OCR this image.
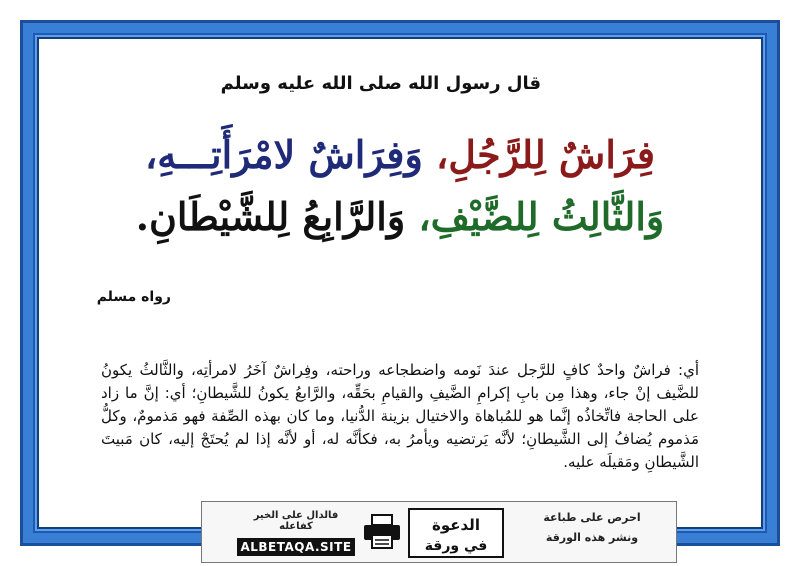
قال رسول الله صلى الله عليه وسلم
فِرَاشٌ لِلرَّجُلِ، وَفِرَاشٌ لامْرَأَتِـــهِ،
وَالثَّالِثُ لِلضَّيْفِ، وَالرَّابِعُ لِلشَّيْطَانِ.
رواه مسلم
أي: فراشٌ واحدٌ كافٍ للرَّجل عندَ نَومه واضطجاعه وراحته، وفِراشٌ آخَرُ لامرأتِه، والثَّالثُ يكونُ للضَّيف إنْ جاء، وهذا مِن بابِ إكرامِ الضَّيفِ والقيامِ بحَقِّه، والرَّابعُ يكونُ للشَّيطانِ؛ أي: إنَّ ما زاد على الحاجة فاتِّخاذُه إنَّما هو للمُباهاة والاختيال بزينة الدُّنيا، وما كان بهذه الصِّفة فهو مَذمومٌ، وكلُّ مَذموم يُضافُ إلى الشَّيطانِ؛ لأنَّه يَرتضيه ويأمرُ به، فكأنَّه له، أو لأنَّه إذا لم يُحتَجْ إليه، كان مَبيتَ الشَّيطانِ ومَقيلَه عليه.
فالدال على الخير كفاعله
ALBETAQA.SITE
الدعوة
في ورقة
احرص على طباعة
ونشر هذه الورقة
